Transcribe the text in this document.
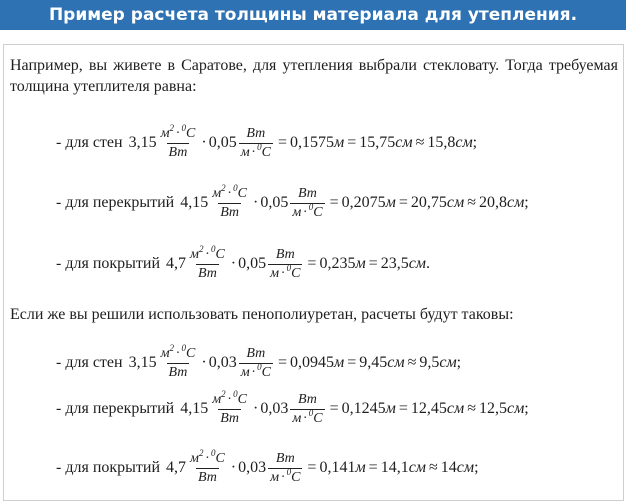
Пример расчета толщины материала для утепления.

Например, вы живете в Саратове, для утепления выбрали стекловату. Тогда требуемая толщина утеплителя равна:

- для стен $3,15 \frac{м^2 \cdot ^0С}{Вт} \cdot 0,05 \frac{Вт}{м \cdot ^0С} = 0,1575$ м = 15,75 см ≈ 15,8 см ;
- для перекрытий $4,15 \frac{м^2 \cdot ^0С}{Вт} \cdot 0,05 \frac{Вт}{м \cdot ^0С} = 0,2075$ м = 20,75 см ≈ 20,8 см ;
- для покрытий $4,7 \frac{м^2 \cdot ^0С}{Вт} \cdot 0,05 \frac{Вт}{м \cdot ^0С} = 0,235$ м = 23,5 см .

Если же вы решили использовать пенополиуретан, расчеты будут таковы:

- для стен $3,15 \frac{м^2 \cdot ^0С}{Вт} \cdot 0,03 \frac{Вт}{м \cdot ^0С} = 0,0945$ м = 9,45 см ≈ 9,5 см ;
- для перекрытий $4,15 \frac{м^2 \cdot ^0С}{Вт} \cdot 0,03 \frac{Вт}{м \cdot ^0С} = 0,1245$ м = 12,45 см ≈ 12,5 см ;
- для покрытий $4,7 \frac{м^2 \cdot ^0С}{Вт} \cdot 0,03 \frac{Вт}{м \cdot ^0С} = 0,141$ м = 14,1 см ≈ 14 см ;
